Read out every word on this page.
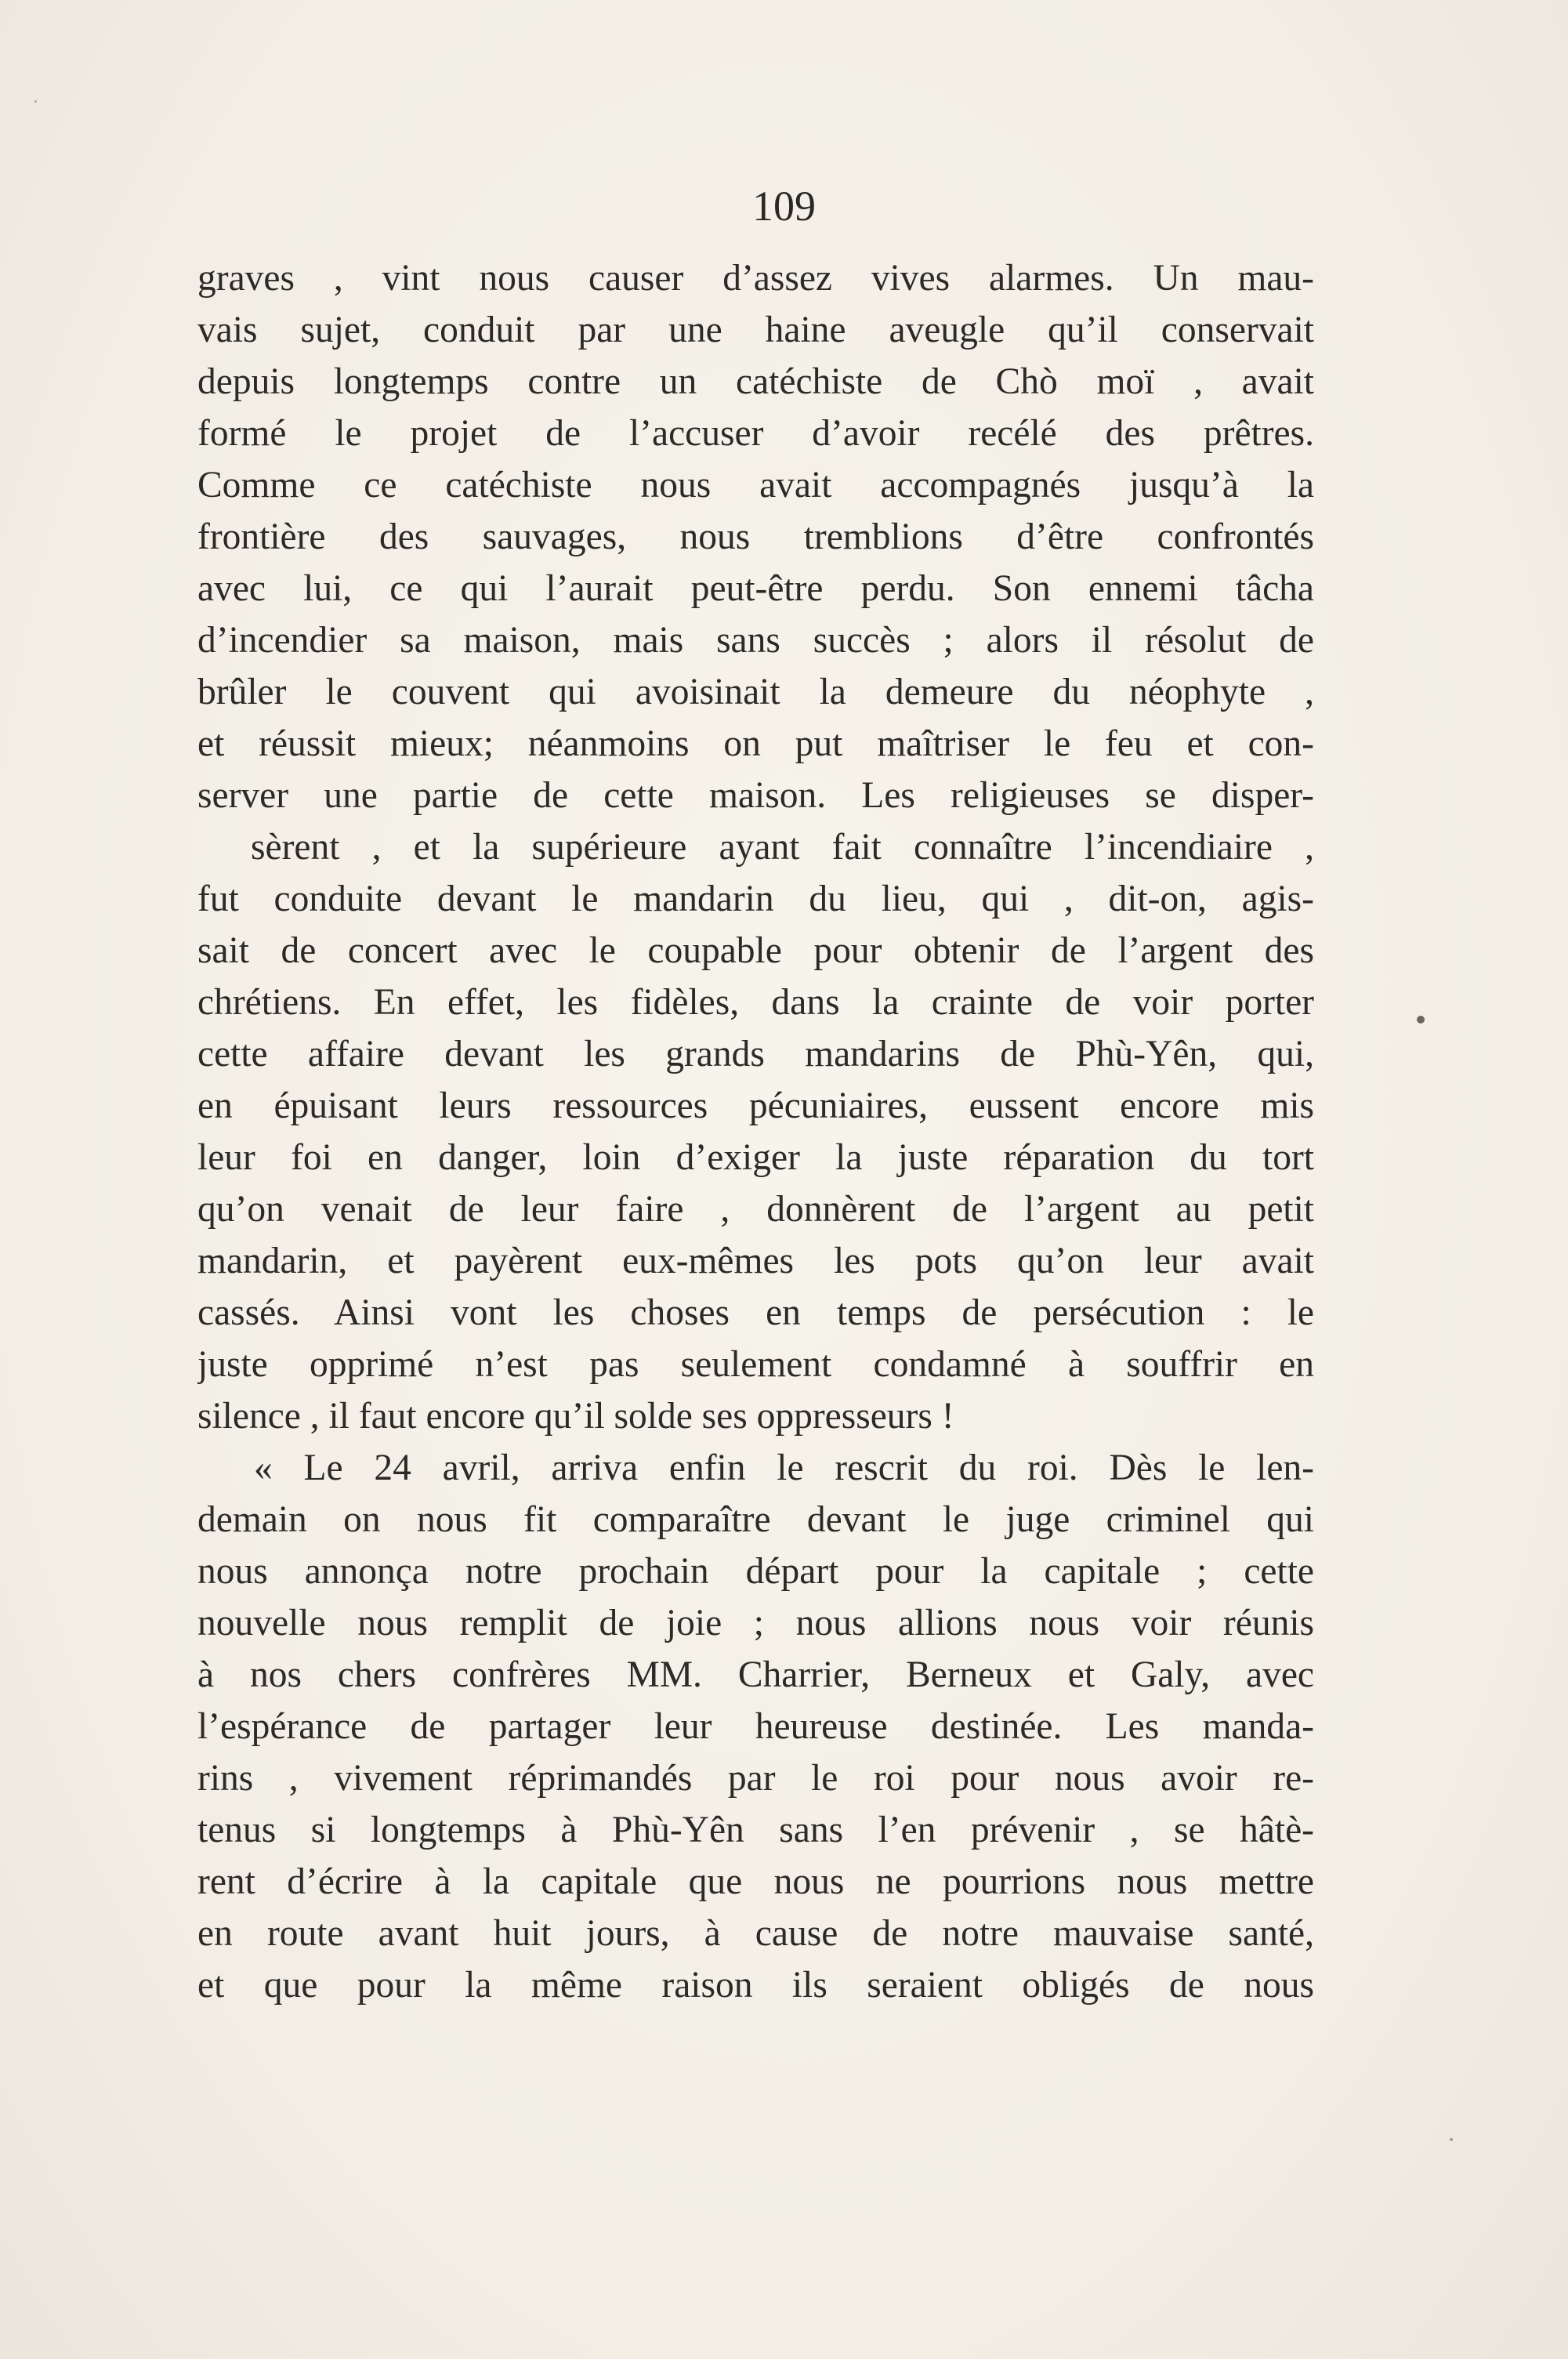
109
graves , vint nous causer d’assez vives alarmes. Un mau-
vais sujet, conduit par une haine aveugle qu’il conservait
depuis longtemps contre un catéchiste de Chò moï , avait
formé le projet de l’accuser d’avoir recélé des prêtres.
Comme ce catéchiste nous avait accompagnés jusqu’à la
frontière des sauvages, nous tremblions d’être confrontés
avec lui, ce qui l’aurait peut-être perdu. Son ennemi tâcha
d’incendier sa maison, mais sans succès ; alors il résolut de
brûler le couvent qui avoisinait la demeure du néophyte ,
et réussit mieux; néanmoins on put maîtriser le feu et con-
server une partie de cette maison. Les religieuses se disper-
sèrent , et la supérieure ayant fait connaître l’incendiaire ,
fut conduite devant le mandarin du lieu, qui , dit-on, agis-
sait de concert avec le coupable pour obtenir de l’argent des
chrétiens. En effet, les fidèles, dans la crainte de voir porter
cette affaire devant les grands mandarins de Phù-Yên, qui,
en épuisant leurs ressources pécuniaires, eussent encore mis
leur foi en danger, loin d’exiger la juste réparation du tort
qu’on venait de leur faire , donnèrent de l’argent au petit
mandarin, et payèrent eux-mêmes les pots qu’on leur avait
cassés. Ainsi vont les choses en temps de persécution : le
juste opprimé n’est pas seulement condamné à souffrir en
silence , il faut encore qu’il solde ses oppresseurs !
« Le 24 avril, arriva enfin le rescrit du roi. Dès le len-
demain on nous fit comparaître devant le juge criminel qui
nous annonça notre prochain départ pour la capitale ; cette
nouvelle nous remplit de joie ; nous allions nous voir réunis
à nos chers confrères MM. Charrier, Berneux et Galy, avec
l’espérance de partager leur heureuse destinée. Les manda-
rins , vivement réprimandés par le roi pour nous avoir re-
tenus si longtemps à Phù-Yên sans l’en prévenir , se hâtè-
rent d’écrire à la capitale que nous ne pourrions nous mettre
en route avant huit jours, à cause de notre mauvaise santé,
et que pour la même raison ils seraient obligés de nous
